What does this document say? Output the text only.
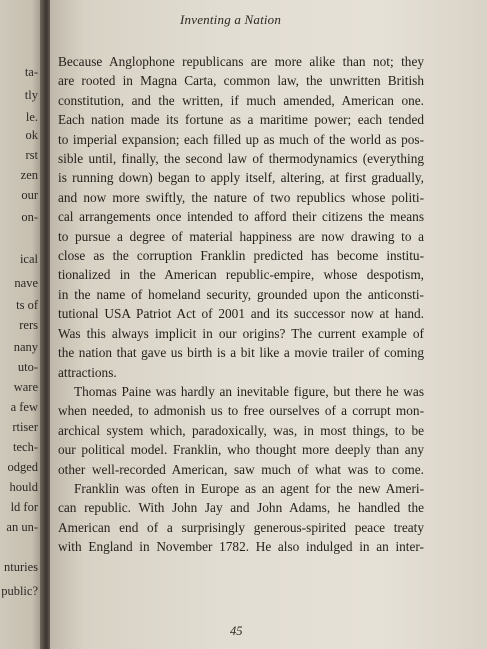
ta-
tly
le.
ok
rst
zen
our
on-
ical
nave
ts of
rers
nany
uto-
ware
a few
rtiser
tech-
odged
hould
ld for
an un-
nturies
public?
Inventing a Nation
Because Anglophone republicans are more alike than not; they
are rooted in Magna Carta, common law, the unwritten British
constitution, and the written, if much amended, American one.
Each nation made its fortune as a maritime power; each tended
to imperial expansion; each filled up as much of the world as pos-
sible until, finally, the second law of thermodynamics (everything
is running down) began to apply itself, altering, at first gradually,
and now more swiftly, the nature of two republics whose politi-
cal arrangements once intended to afford their citizens the means
to pursue a degree of material happiness are now drawing to a
close as the corruption Franklin predicted has become institu-
tionalized in the American republic-empire, whose despotism,
in the name of homeland security, grounded upon the anticonsti-
tutional USA Patriot Act of 2001 and its successor now at hand.
Was this always implicit in our origins? The current example of
the nation that gave us birth is a bit like a movie trailer of coming
attractions.
Thomas Paine was hardly an inevitable figure, but there he was
when needed, to admonish us to free ourselves of a corrupt mon-
archical system which, paradoxically, was, in most things, to be
our political model. Franklin, who thought more deeply than any
other well-recorded American, saw much of what was to come.
Franklin was often in Europe as an agent for the new Ameri-
can republic. With John Jay and John Adams, he handled the
American end of a surprisingly generous-spirited peace treaty
with England in November 1782. He also indulged in an inter-
45
